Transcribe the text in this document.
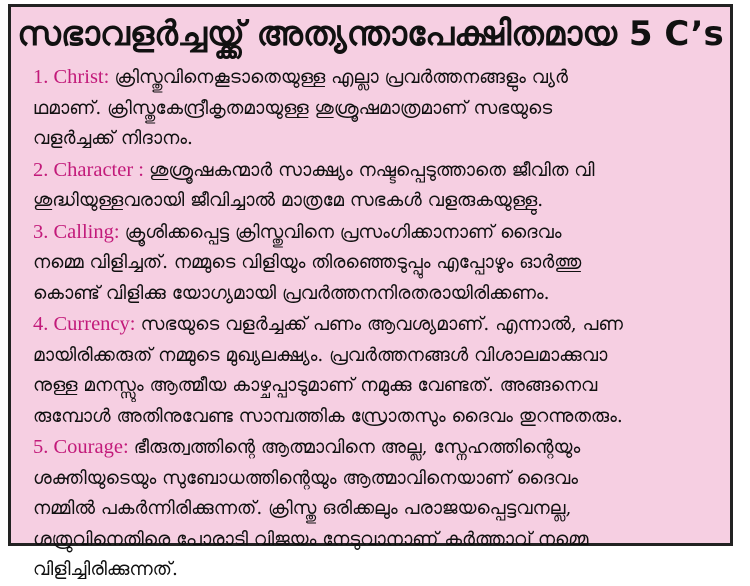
സഭാവളർച്ചയ്ക്ക് അത്യന്താപേക്ഷിതമായ 5 C’s
1. Christ: ക്രിസ്തുവിനെകൂടാതെയുള്ള എല്ലാ പ്രവർത്തനങ്ങളും വ്യർ
ഥമാണ്. ക്രിസ്തുകേന്ദ്രീകൃതമായുള്ള ശുശ്രൂഷമാത്രമാണ് സഭയുടെ
വളർച്ചക്ക് നിദാനം.
2. Character : ശുശ്രൂഷകന്മാർ സാക്ഷ്യം നഷ്ടപ്പെടുത്താതെ ജീവിത വി
ശുദ്ധിയുള്ളവരായി ജീവിച്ചാൽ മാത്രമേ സഭകൾ വളരുകയുള്ളു.
3. Calling: ക്രൂശിക്കപ്പെട്ട ക്രിസ്തുവിനെ പ്രസംഗിക്കാനാണ് ദൈവം
നമ്മെ വിളിച്ചത്. നമ്മുടെ വിളിയും തിരഞ്ഞെടുപ്പും എപ്പോഴും ഓർത്തു
കൊണ്ട് വിളിക്കു യോഗ്യമായി പ്രവർത്തനനിരതരായിരിക്കണം.
4. Currency: സഭയുടെ വളർച്ചക്ക് പണം ആവശ്യമാണ്. എന്നാൽ, പണ
മായിരിക്കരുത് നമ്മുടെ മുഖ്യലക്ഷ്യം. പ്രവർത്തനങ്ങൾ വിശാലമാക്കുവാ
നുള്ള മനസ്സും ആത്മീയ കാഴ്ചപ്പാടുമാണ് നമുക്കു വേണ്ടത്. അങ്ങനെവ
രുമ്പോൾ അതിനുവേണ്ട സാമ്പത്തിക സ്രോതസും ദൈവം തുറന്നുതരും.
5. Courage: ഭീരുത്വത്തിന്റെ ആത്മാവിനെ അല്ല, സ്നേഹത്തിന്റെയും
ശക്തിയുടെയും സുബോധത്തിന്റെയും ആത്മാവിനെയാണ് ദൈവം
നമ്മിൽ പകർന്നിരിക്കുന്നത്. ക്രിസ്തു ഒരിക്കലും പരാജയപ്പെട്ടവനല്ല,
ശത്രുവിനെതിരെ പോരാടി വിജയം നേടുവാനാണ് കർത്താവ് നമ്മെ
വിളിച്ചിരിക്കുന്നത്.
